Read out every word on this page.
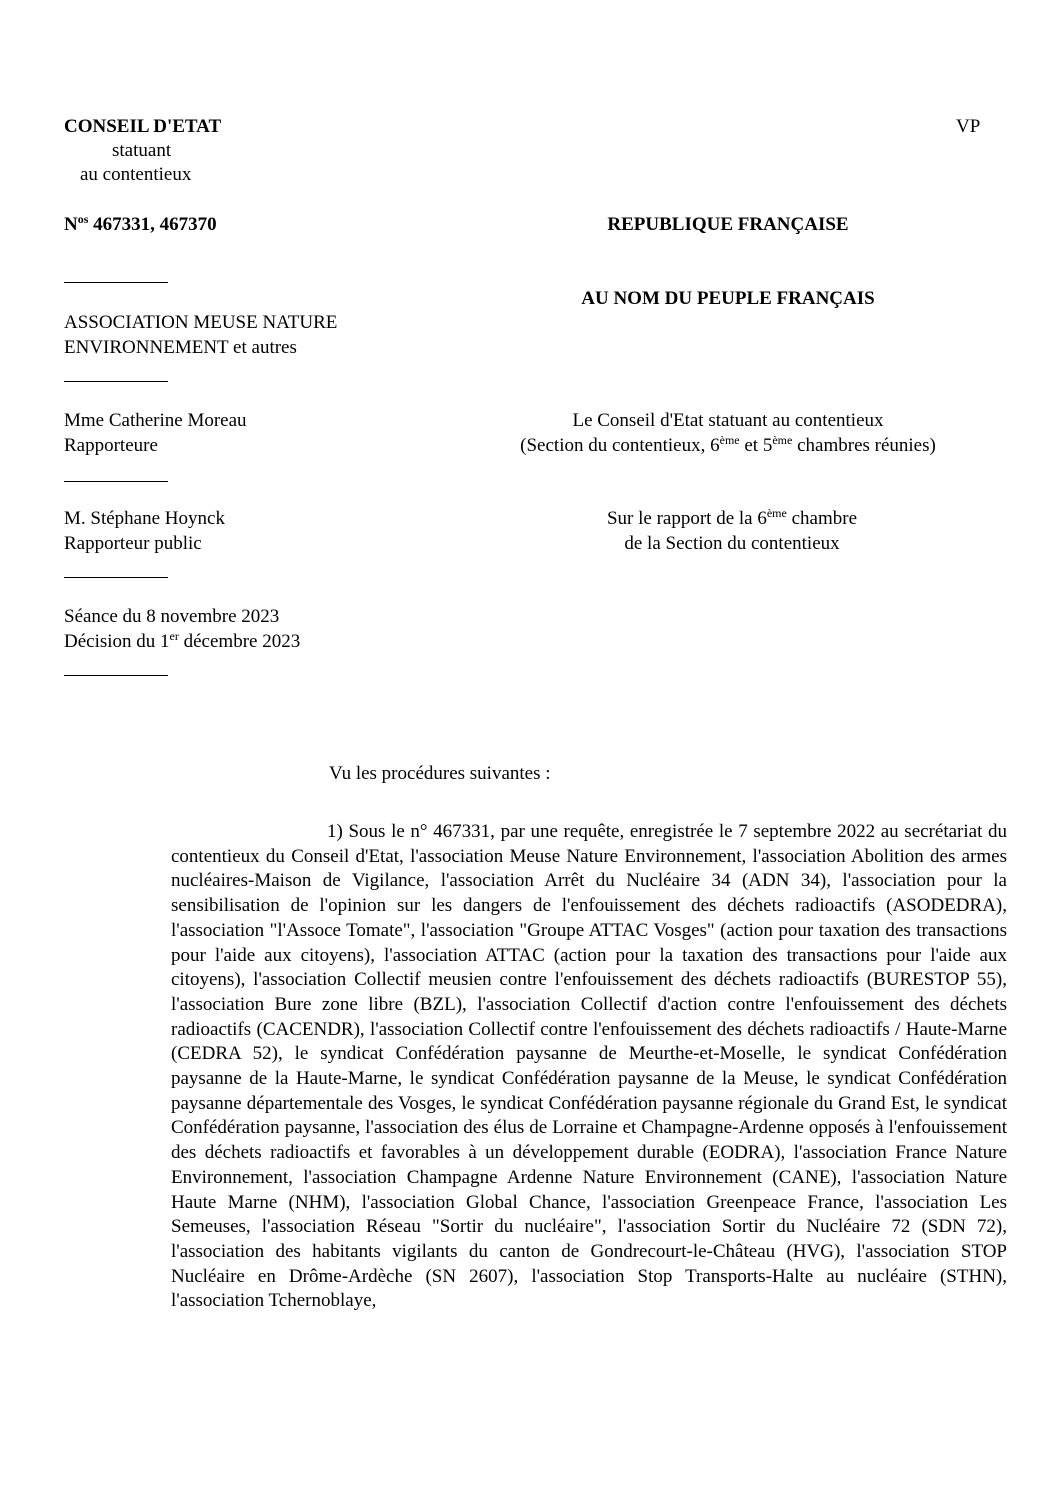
CONSEIL D'ETAT
statuant
au contentieux
VP
$N^{os}$ 467331, 467370	REPUBLIQUE FRANÇAISE
AU NOM DU PEUPLE FRANÇAIS
ASSOCIATION MEUSE NATURE
ENVIRONNEMENT et autres
Mme Catherine Moreau
Rapporteure
Le Conseil d'Etat statuant au contentieux
(Section du contentieux, 6ème et 5ème chambres réunies)
M. Stéphane Hoynck
Rapporteur public
Sur le rapport de la 6ème chambre
de la Section du contentieux
Séance du 8 novembre 2023
Décision du 1er décembre 2023
Vu les procédures suivantes :
1) Sous le n° 467331, par une requête, enregistrée le 7 septembre 2022 au secrétariat du contentieux du Conseil d'Etat, l'association Meuse Nature Environnement, l'association Abolition des armes nucléaires-Maison de Vigilance, l'association Arrêt du Nucléaire 34 (ADN 34), l'association pour la sensibilisation de l'opinion sur les dangers de l'enfouissement des déchets radioactifs (ASODEDRA), l'association "l'Assoce Tomate", l'association "Groupe ATTAC Vosges" (action pour taxation des transactions pour l'aide aux citoyens), l'association ATTAC (action pour la taxation des transactions pour l'aide aux citoyens), l'association Collectif meusien contre l'enfouissement des déchets radioactifs (BURESTOP 55), l'association Bure zone libre (BZL), l'association Collectif d'action contre l'enfouissement des déchets radioactifs (CACENDR), l'association Collectif contre l'enfouissement des déchets radioactifs / Haute-Marne (CEDRA 52), le syndicat Confédération paysanne de Meurthe-et-Moselle, le syndicat Confédération paysanne de la Haute-Marne, le syndicat Confédération paysanne de la Meuse, le syndicat Confédération paysanne départementale des Vosges, le syndicat Confédération paysanne régionale du Grand Est, le syndicat Confédération paysanne, l'association des élus de Lorraine et Champagne-Ardenne opposés à l'enfouissement des déchets radioactifs et favorables à un développement durable (EODRA), l'association France Nature Environnement, l'association Champagne Ardenne Nature Environnement (CANE), l'association Nature Haute Marne (NHM), l'association Global Chance, l'association Greenpeace France, l'association Les Semeuses, l'association Réseau "Sortir du nucléaire", l'association Sortir du Nucléaire 72 (SDN 72), l'association des habitants vigilants du canton de Gondrecourt-le-Château (HVG), l'association STOP Nucléaire en Drôme-Ardèche (SN 2607), l'association Stop Transports-Halte au nucléaire (STHN), l'association Tchernoblaye,
